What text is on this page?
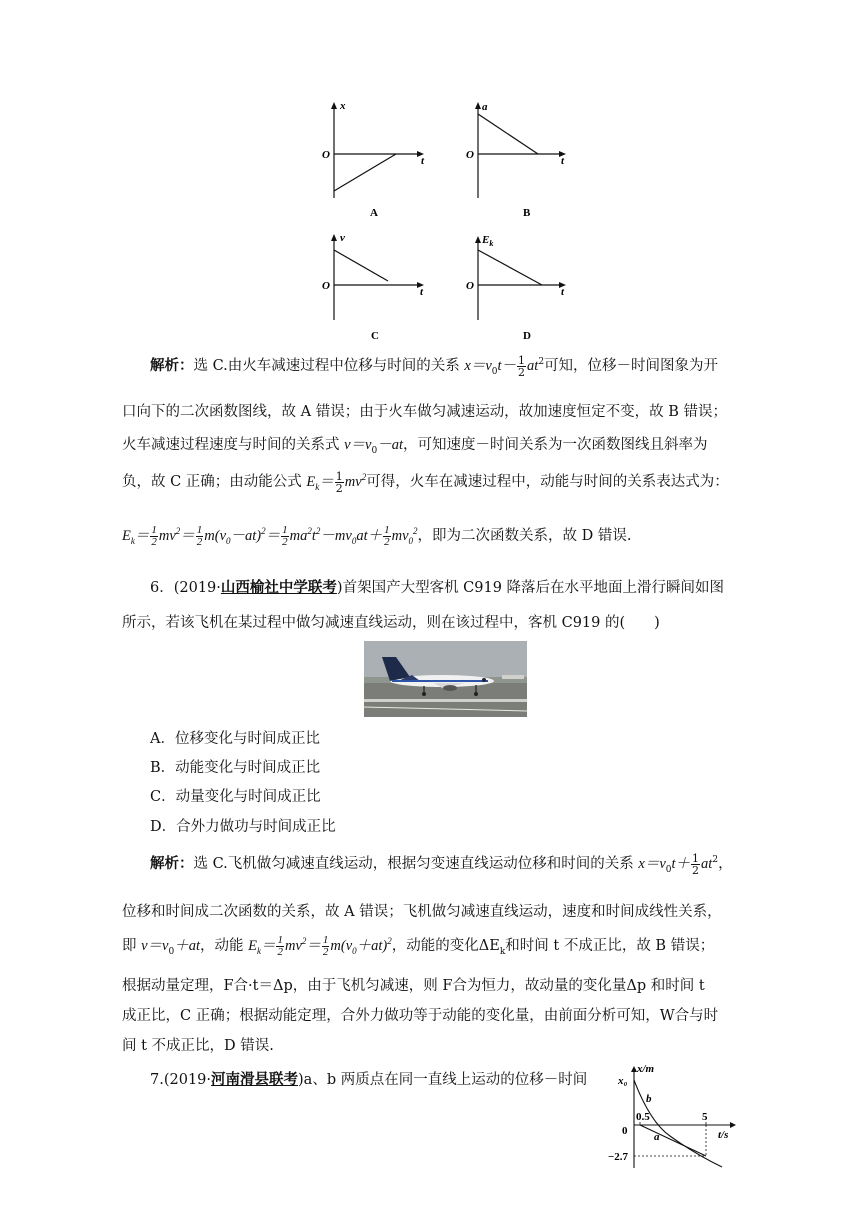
x
O	t
A
a
O	t
B
v
O	t
C
$E_k$
O	t
D
解析：选 C.由火车减速过程中位移与时间的关系 $x=v_0t- \frac{1}{2} at^2$可知，位移－时间图象为开
口向下的二次函数图线，故 A 错误；由于火车做匀减速运动，故加速度恒定不变，故 B 错误；
火车减速过程速度与时间的关系式 $v=v_0-at$，可知速度－时间关系为一次函数图线且斜率为
负，故 C 正确；由动能公式 $E_k= \frac{1}{2} mv^2$可得，火车在减速过程中，动能与时间的关系表达式为：
$E_k= \frac{1}{2} mv^2= \frac{1}{2} m(v_0-at)^2= \frac{1}{2} ma^2t^2-mv_0at+ \frac{1}{2} mv_0^2$，即为二次函数关系，故 D 错误.
6．(2019·山西榆社中学联考)首架国产大型客机 C919 降落后在水平地面上滑行瞬间如图
所示，若该飞机在某过程中做匀减速直线运动，则在该过程中，客机 C919 的(　　)
A．位移变化与时间成正比
B．动能变化与时间成正比
C．动量变化与时间成正比
D．合外力做功与时间成正比
解析：选 C.飞机做匀减速直线运动，根据匀变速直线运动位移和时间的关系 $x=v_0t+ \frac{1}{2} at^2$，
位移和时间成二次函数的关系，故 A 错误；飞机做匀减速直线运动，速度和时间成线性关系，
即 $v=v_0+at$，动能 $E_k= \frac{1}{2} mv^2= \frac{1}{2} m(v_0+at)^2$，动能的变化$\Delta E_k$和时间 t 不成正比，故 B 错误；
根据动量定理，F合·t＝Δp，由于飞机匀减速，则 F合为恒力，故动量的变化量Δp 和时间 t
成正比，C 正确；根据动能定理，合外力做功等于动能的变化量，由前面分析可知，W合与时
间 t 不成正比，D 错误.
7.(2019·河南滑县联考)a、b 两质点在同一直线上运动的位移－时间
x/m
x₀
b
0.5	5
0 a	t/s
−2.7
